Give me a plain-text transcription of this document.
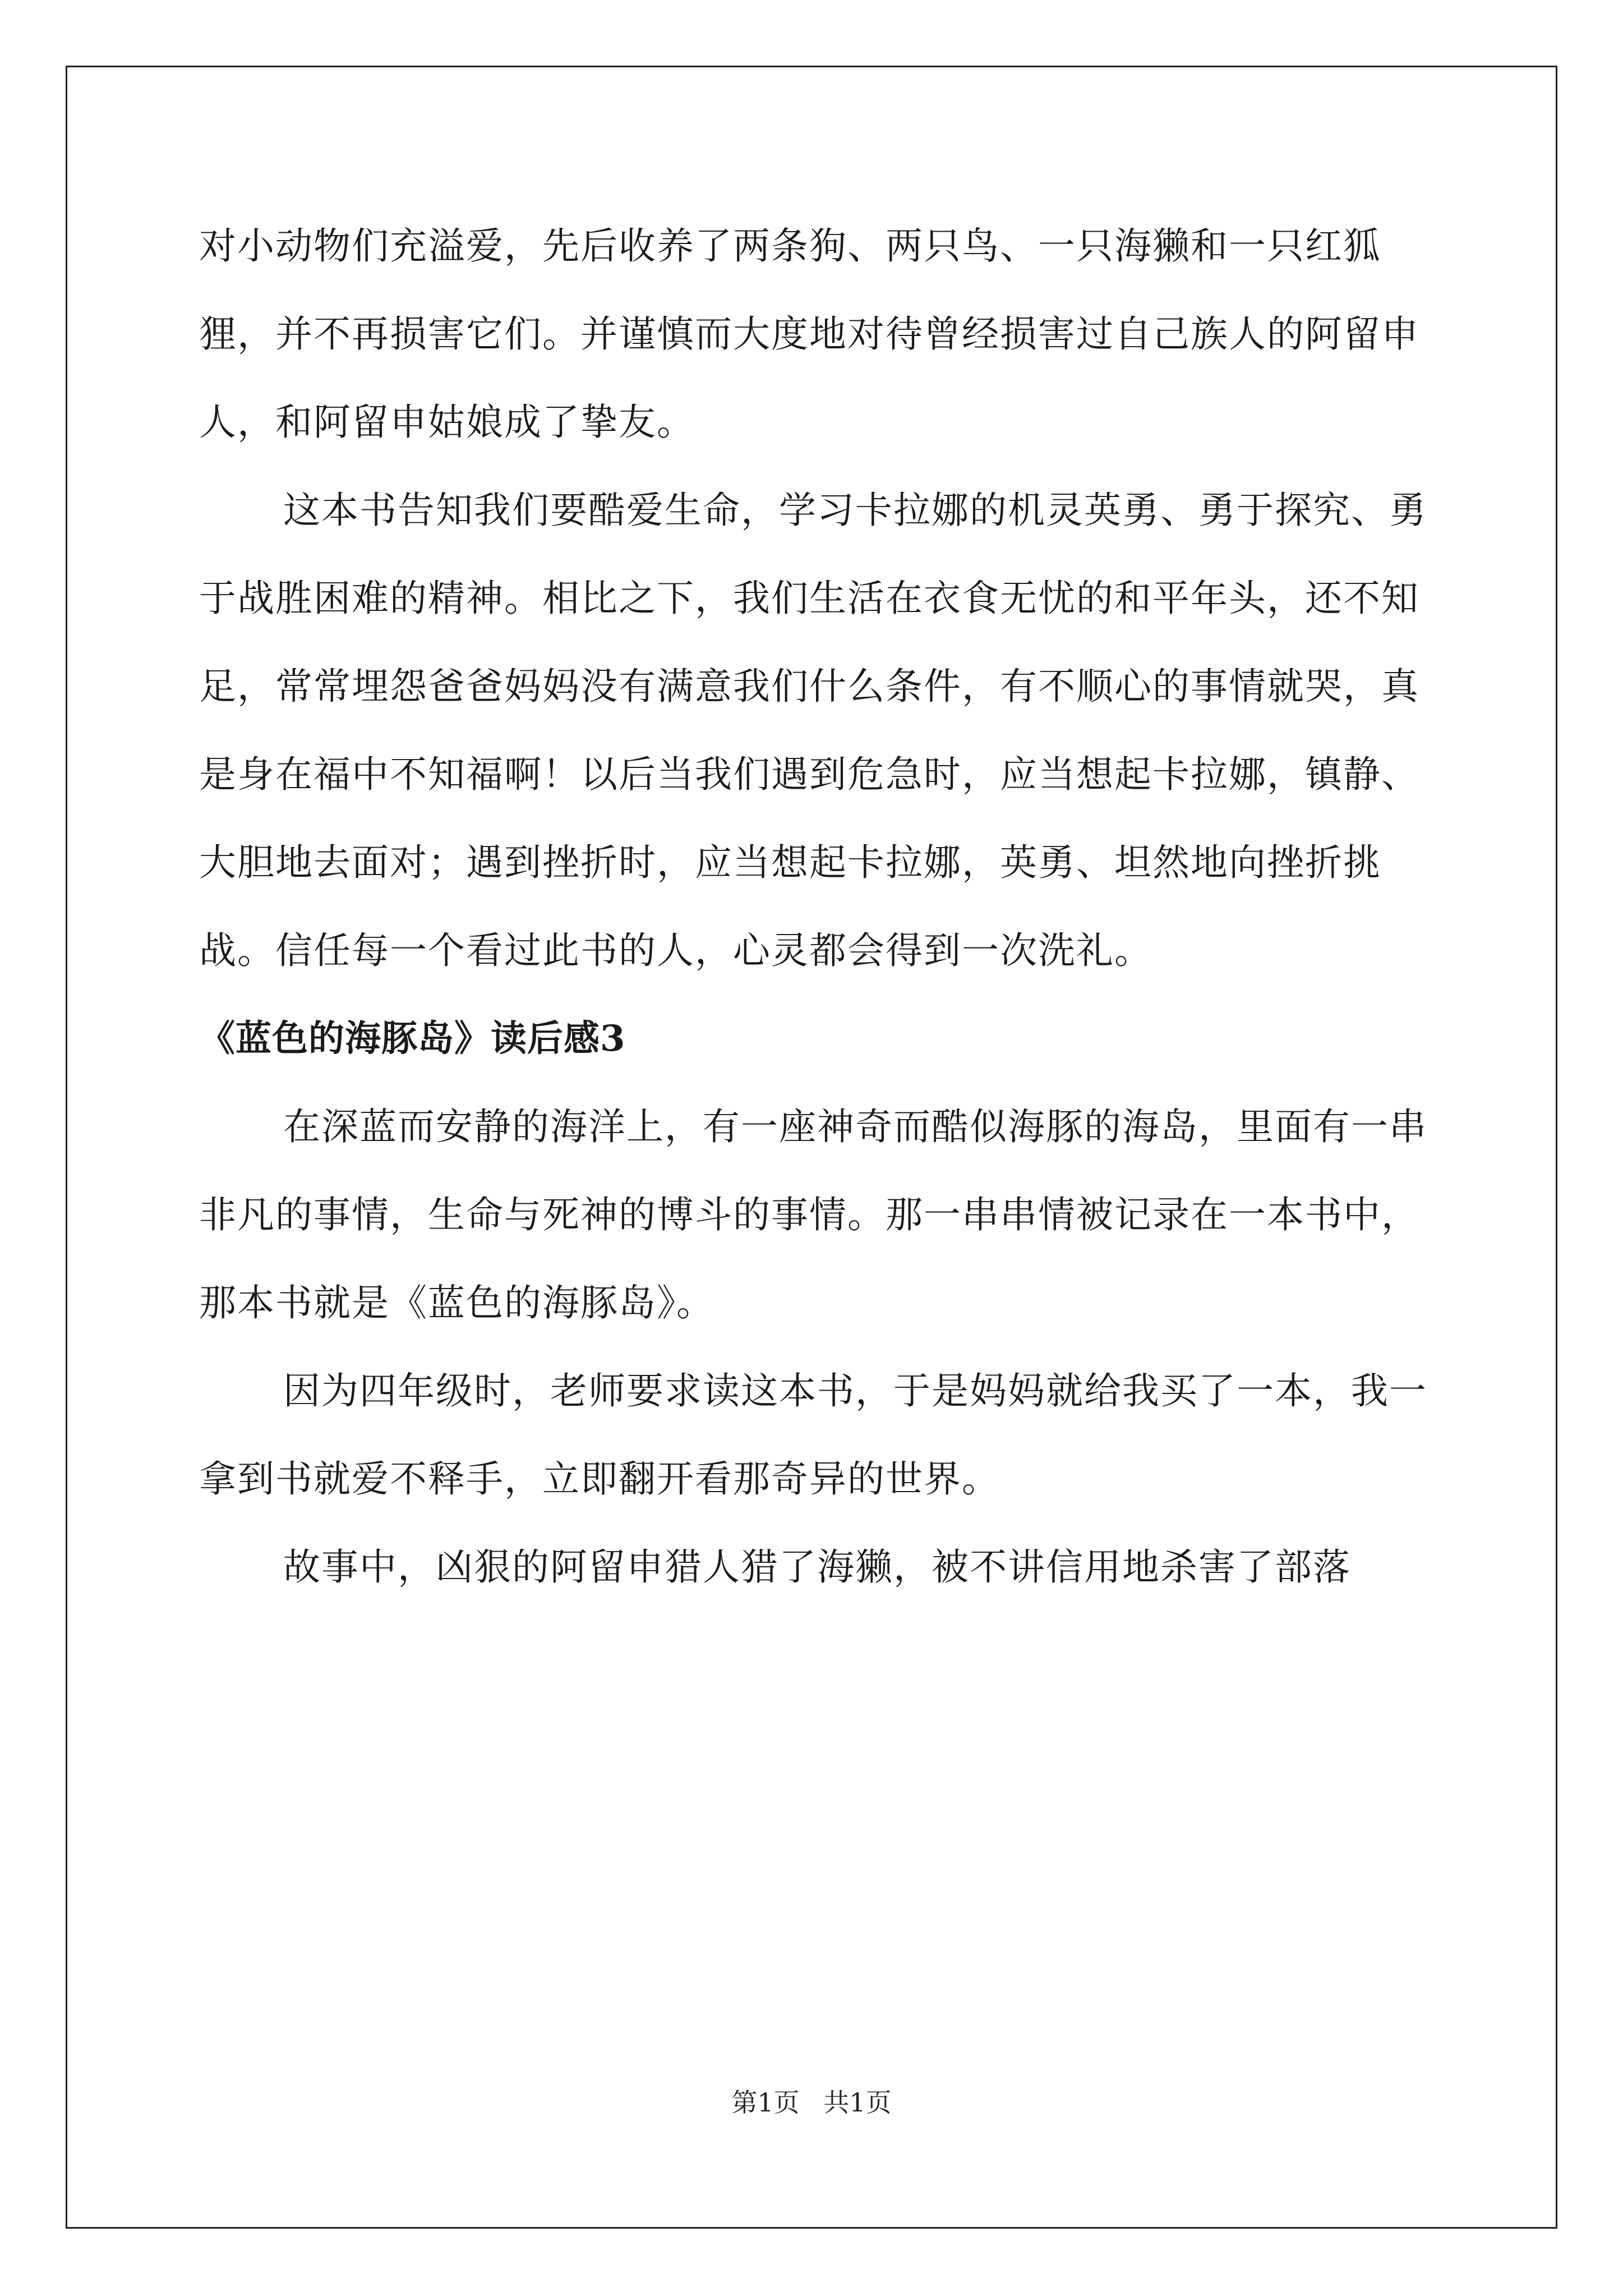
对小动物们充溢爱，先后收养了两条狗、两只鸟、一只海獭和一只红狐狸，并不再损害它们。并谨慎而大度地对待曾经损害过自己族人的阿留申人，和阿留申姑娘成了挚友。

这本书告知我们要酷爱生命，学习卡拉娜的机灵英勇、勇于探究、勇于战胜困难的精神。相比之下，我们生活在衣食无忧的和平年头，还不知足，常常埋怨爸爸妈妈没有满意我们什么条件，有不顺心的事情就哭，真是身在福中不知福啊！以后当我们遇到危急时，应当想起卡拉娜，镇静、大胆地去面对；遇到挫折时，应当想起卡拉娜，英勇、坦然地向挫折挑战。信任每一个看过此书的人，心灵都会得到一次洗礼。

《蓝色的海豚岛》读后感3

在深蓝而安静的海洋上，有一座神奇而酷似海豚的海岛，里面有一串非凡的事情，生命与死神的博斗的事情。那一串串情被记录在一本书中，那本书就是《蓝色的海豚岛》。

因为四年级时，老师要求读这本书，于是妈妈就给我买了一本，我一拿到书就爱不释手，立即翻开看那奇异的世界。

故事中，凶狠的阿留申猎人猎了海獭，被不讲信用地杀害了部落

第1页 共1页
